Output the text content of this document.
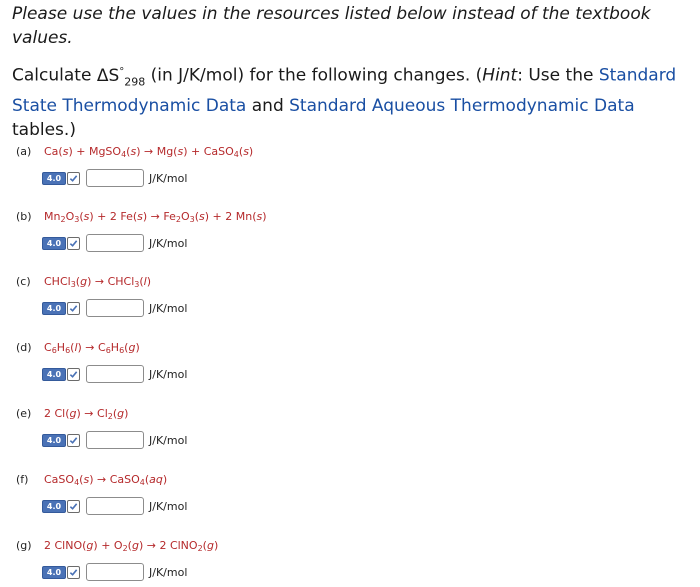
Please use the values in the resources listed below instead of the textbook values.
Calculate $\Delta S^\circ_{298}$ (in J/K/mol) for the following changes. (Hint: Use the Standard State Thermodynamic Data and Standard Aqueous Thermodynamic Data tables.)
(a) Ca(s) + MgSO$_4$(s) → Mg(s) + CaSO$_4$(s)
4.0	J/K/mol
(b) $Mn_2O_3(s) + 2$ $Fe(s) \to Fe_2O_3(s) + 2$ Mn(s)
4.0	J/K/mol
(c) CHCl$_3$(g) → CHCl$_3$(l)
4.0	J/K/mol
(d) $C_6H_6(l) \to C_6H_6(g)$
4.0	J/K/mol
(e) 2 $Cl(g) \to Cl_2(g)$
4.0	J/K/mol
(f) CaSO$_4$(s) → CaSO$_4$(aq)
4.0	J/K/mol
(g) 2 ClNO(g) + $O_2(g) \to 2$ ClNO$_2$(g)
4.0	J/K/mol
